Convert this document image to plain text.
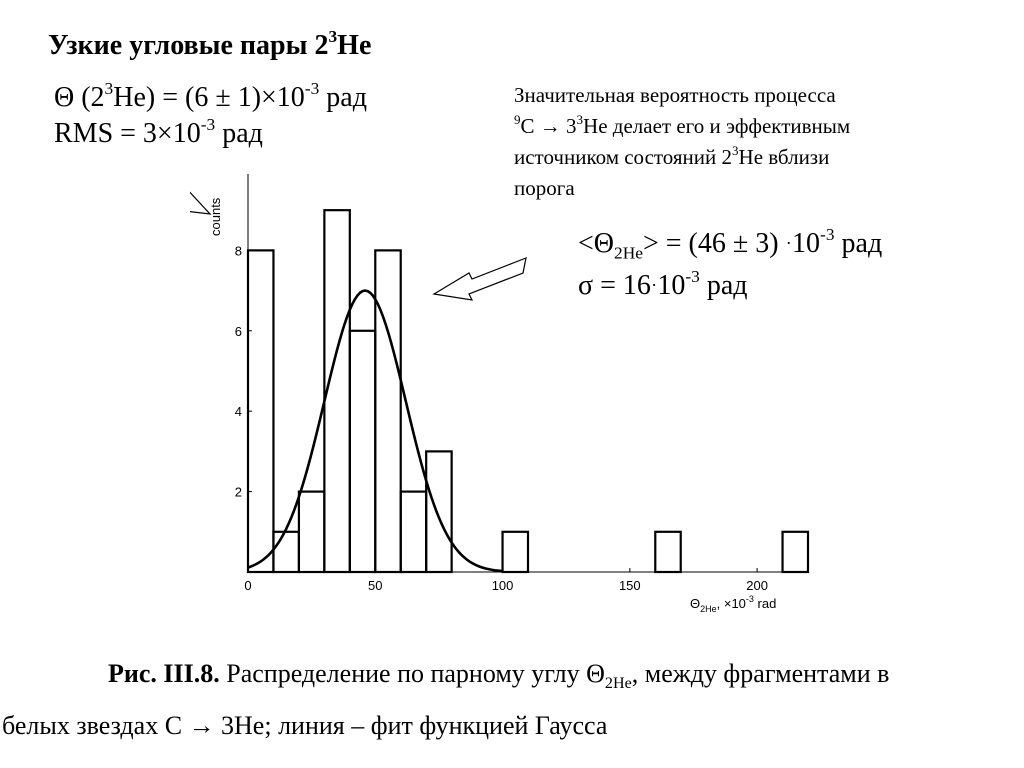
Узкие угловые пары $2^3He$
Θ $(2^3He) = (6 \pm 1)\times 10^{-3}$ рад
RMS = $3\times 10^{-3}$ рад
Значительная вероятность процесса
$^9C \to 3^3He$ делает его и эффективным
источником состояний $2^3He$ вблизи
порога
$<\Theta_{2He}> = (46 \pm 3)$ $^.10^{-3}$ рад
$\sigma = 16^.10^{-3}$ рад
2
4
6
8
0	50	100	150	200
counts
$\Theta_{2He}$, $\times 10^{-3}$ rad
Рис. III.8. Распределение по парному углу $\Theta_{2He}$, между фрагментами в
белых звездах C → 3He; линия – фит функцией Гаусса
